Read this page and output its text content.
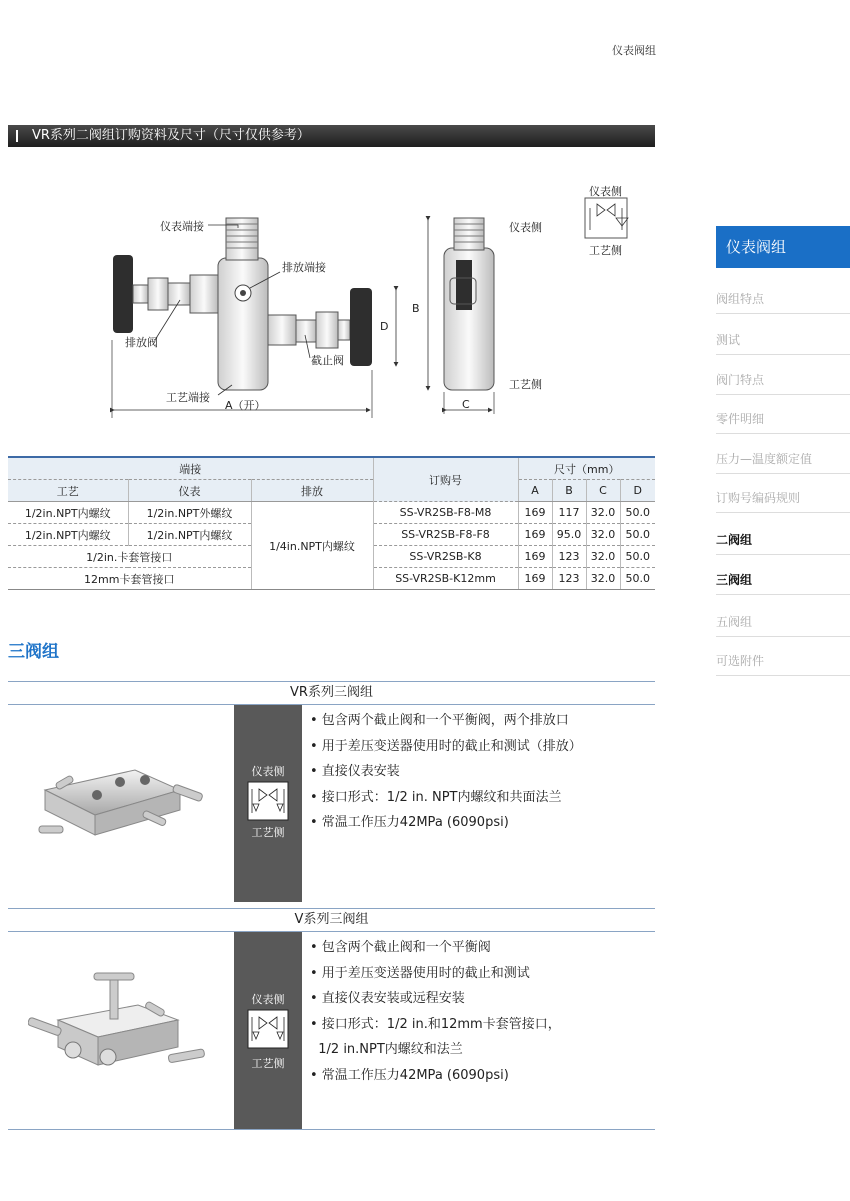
仪表阀组
VR系列二阀组订购资料及尺寸（尺寸仅供参考）
仪表端接
排放端接
排放阀
截止阀
工艺端接
A（开）
B
D
C
仪表侧
工艺侧
仪表侧
工艺侧
端接			订购号	尺寸（mm）			
工艺	仪表	排放		A	B	C	D
1/2in.NPT内螺纹	1/2in.NPT外螺纹	1/4in.NPT内螺纹	SS-VR2SB-F8-M8	169	117	32.0	50.0
1/2in.NPT内螺纹	1/2in.NPT内螺纹		SS-VR2SB-F8-F8	169	95.0	32.0	50.0
1/2in.卡套管接口			SS-VR2SB-K8	169	123	32.0	50.0
12mm卡套管接口			SS-VR2SB-K12mm	169	123	32.0	50.0
三阀组
仪表阀组
阀组特点
测试
阀门特点
零件明细
压力—温度额定值
订购号编码规则
二阀组
三阀组
五阀组
可选附件
VR系列三阀组
仪表侧
工艺侧
• 包含两个截止阀和一个平衡阀，两个排放口
• 用于差压变送器使用时的截止和测试（排放）
• 直接仪表安装
• 接口形式：1/2 in. NPT内螺纹和共面法兰
• 常温工作压力42MPa (6090psi)
V系列三阀组
仪表侧
工艺侧
• 包含两个截止阀和一个平衡阀
• 用于差压变送器使用时的截止和测试
• 直接仪表安装或远程安装
• 接口形式：1/2 in.和12mm卡套管接口，
1/2 in.NPT内螺纹和法兰
• 常温工作压力42MPa (6090psi)
